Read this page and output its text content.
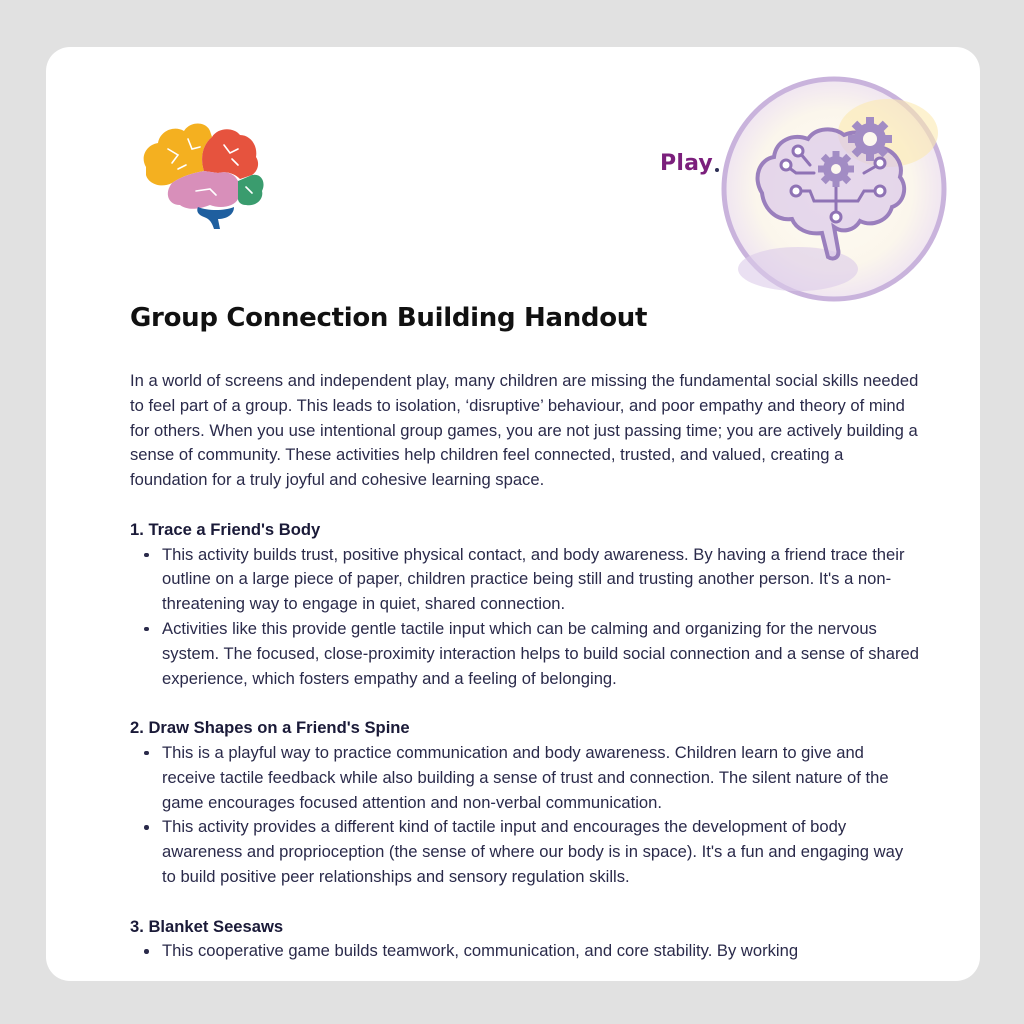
Play
Group Connection Building Handout

In a world of screens and independent play, many children are missing the fundamental social skills needed to feel part of a group. This leads to isolation, ‘disruptive’ behaviour, and poor empathy and theory of mind for others. When you use intentional group games, you are not just passing time; you are actively building a sense of community. These activities help children feel connected, trusted, and valued, creating a foundation for a truly joyful and cohesive learning space.

1. Trace a Friend's Body

This activity builds trust, positive physical contact, and body awareness. By having a friend trace their outline on a large piece of paper, children practice being still and trusting another person. It's a non-threatening way to engage in quiet, shared connection.
Activities like this provide gentle tactile input which can be calming and organizing for the nervous system. The focused, close-proximity interaction helps to build social connection and a sense of shared experience, which fosters empathy and a feeling of belonging.

2. Draw Shapes on a Friend's Spine

This is a playful way to practice communication and body awareness. Children learn to give and receive tactile feedback while also building a sense of trust and connection. The silent nature of the game encourages focused attention and non-verbal communication.
This activity provides a different kind of tactile input and encourages the development of body awareness and proprioception (the sense of where our body is in space). It's a fun and engaging way to build positive peer relationships and sensory regulation skills.

3. Blanket Seesaws

This cooperative game builds teamwork, communication, and core stability. By working
